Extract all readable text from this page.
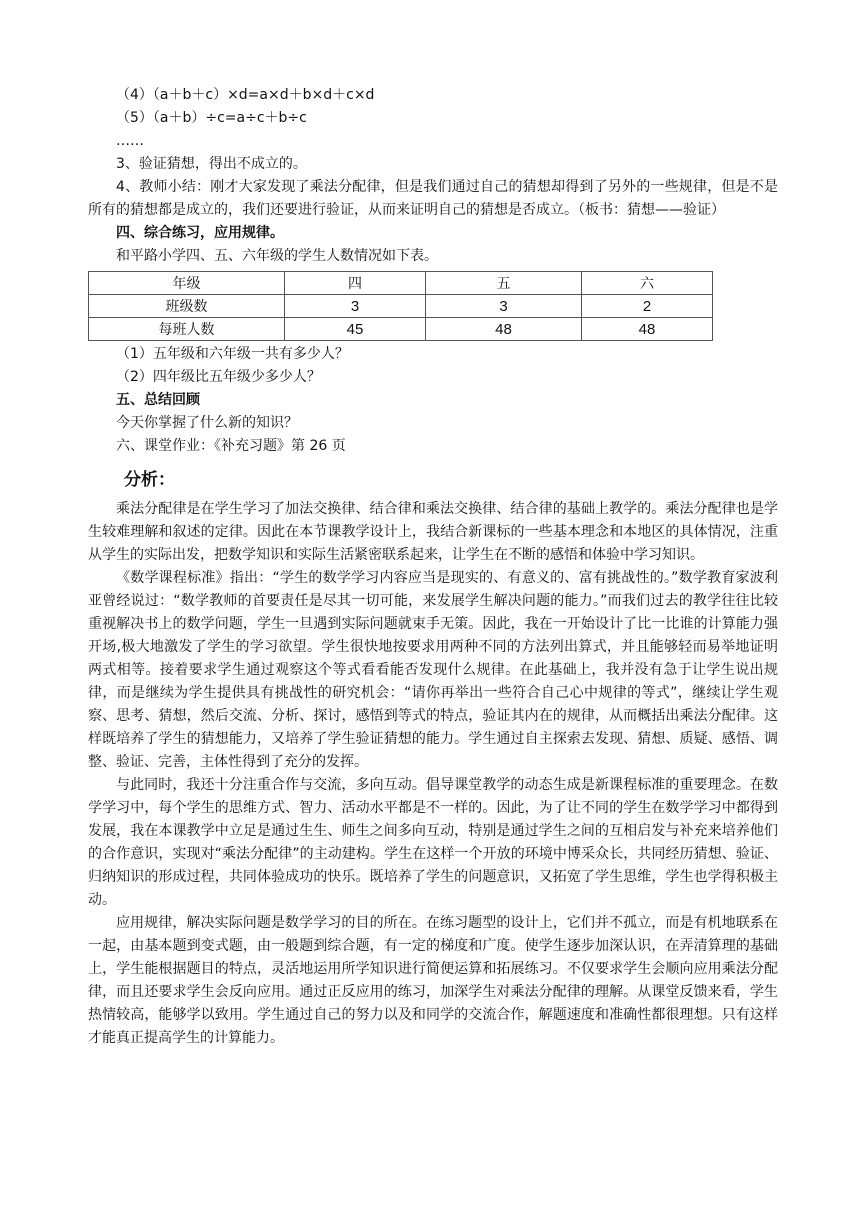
（4）（a＋b＋c）×d=a×d＋b×d＋c×d
（5）（a＋b）÷c=a÷c＋b÷c
……
3、验证猜想，得出不成立的。

4、教师小结：刚才大家发现了乘法分配律，但是我们通过自己的猜想却得到了另外的一些规律，但是不是所有的猜想都是成立的，我们还要进行验证，从而来证明自己的猜想是否成立。（板书：猜想——验证）

四、综合练习，应用规律。
和平路小学四、五、六年级的学生人数情况如下表。
年级	四	五	六
班级数	3	3	2
每班人数	45	48	48
（1）五年级和六年级一共有多少人？
（2）四年级比五年级少多少人？
五、总结回顾
今天你掌握了什么新的知识？
六、课堂作业：《补充习题》第 26 页
分析：

乘法分配律是在学生学习了加法交换律、结合律和乘法交换律、结合律的基础上教学的。乘法分配律也是学生较难理解和叙述的定律。因此在本节课教学设计上，我结合新课标的一些基本理念和本地区的具体情况，注重从学生的实际出发，把数学知识和实际生活紧密联系起来，让学生在不断的感悟和体验中学习知识。

《数学课程标准》指出：“学生的数学学习内容应当是现实的、有意义的、富有挑战性的。”数学教育家波利亚曾经说过：“数学教师的首要责任是尽其一切可能，来发展学生解决问题的能力。”而我们过去的教学往往比较重视解决书上的数学问题，学生一旦遇到实际问题就束手无策。因此，我在一开始设计了比一比谁的计算能力强开场,极大地激发了学生的学习欲望。学生很快地按要求用两种不同的方法列出算式，并且能够轻而易举地证明两式相等。接着要求学生通过观察这个等式看看能否发现什么规律。在此基础上，我并没有急于让学生说出规律，而是继续为学生提供具有挑战性的研究机会：“请你再举出一些符合自己心中规律的等式”，继续让学生观察、思考、猜想，然后交流、分析、探讨，感悟到等式的特点，验证其内在的规律，从而概括出乘法分配律。这样既培养了学生的猜想能力，又培养了学生验证猜想的能力。学生通过自主探索去发现、猜想、质疑、感悟、调整、验证、完善，主体性得到了充分的发挥。

与此同时，我还十分注重合作与交流，多向互动。倡导课堂教学的动态生成是新课程标准的重要理念。在数学学习中，每个学生的思维方式、智力、活动水平都是不一样的。因此，为了让不同的学生在数学学习中都得到发展，我在本课教学中立足是通过生生、师生之间多向互动，特别是通过学生之间的互相启发与补充来培养他们的合作意识，实现对“乘法分配律”的主动建构。学生在这样一个开放的环境中博采众长，共同经历猜想、验证、归纳知识的形成过程，共同体验成功的快乐。既培养了学生的问题意识，又拓宽了学生思维，学生也学得积极主动。

应用规律，解决实际问题是数学学习的目的所在。在练习题型的设计上，它们并不孤立，而是有机地联系在一起，由基本题到变式题，由一般题到综合题，有一定的梯度和广度。使学生逐步加深认识，在弄清算理的基础上，学生能根据题目的特点，灵活地运用所学知识进行简便运算和拓展练习。不仅要求学生会顺向应用乘法分配律，而且还要求学生会反向应用。通过正反应用的练习，加深学生对乘法分配律的理解。从课堂反馈来看，学生热情较高，能够学以致用。学生通过自己的努力以及和同学的交流合作，解题速度和准确性都很理想。只有这样才能真正提高学生的计算能力。
